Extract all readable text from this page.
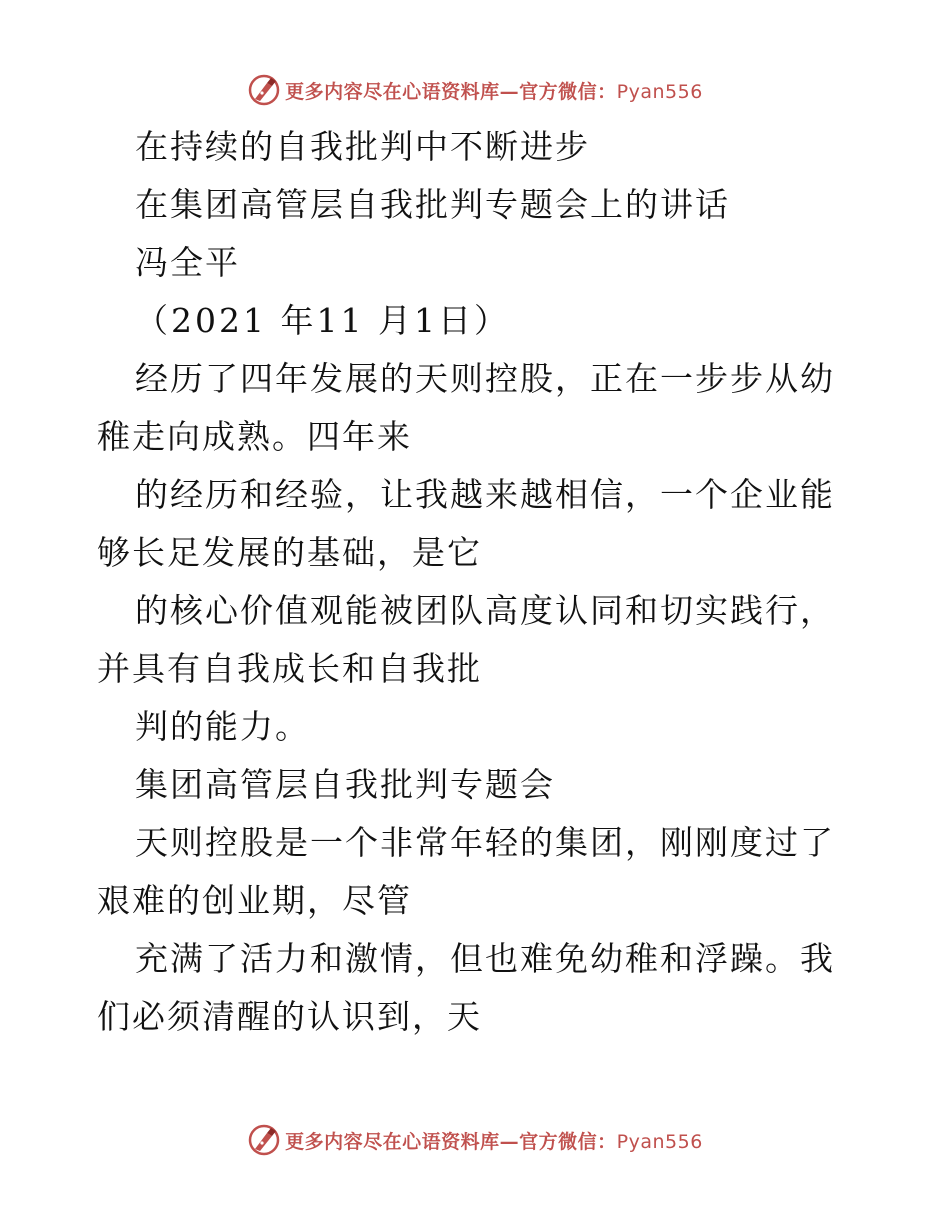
更多内容尽在心语资料库—官方微信：Pyan556

在持续的自我批判中不断进步

在集团高管层自我批判专题会上的讲话

冯全平

（2021 年11 月1日）

经历了四年发展的天则控股，正在一步步从幼稚走向成熟。四年来

的经历和经验，让我越来越相信，一个企业能够长足发展的基础，是它

的核心价值观能被团队高度认同和切实践行，并具有自我成长和自我批

判的能力。

集团高管层自我批判专题会

天则控股是一个非常年轻的集团，刚刚度过了艰难的创业期，尽管

充满了活力和激情，但也难免幼稚和浮躁。我们必须清醒的认识到，天

更多内容尽在心语资料库—官方微信：Pyan556
